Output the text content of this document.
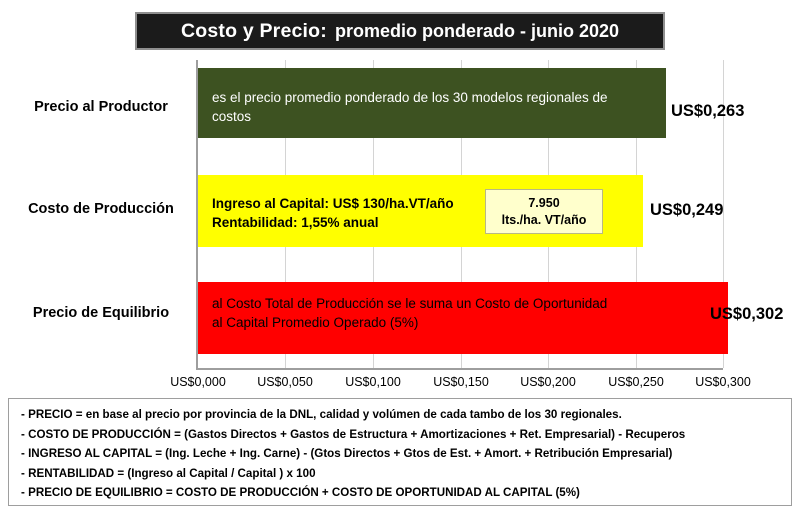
Costo y Precio: promedio ponderado - junio 2020
Precio al Productor
Costo de Producción
Precio de Equilibrio
es el precio promedio ponderado de los 30 modelos regionales de
costos	US$0,263
Ingreso al Capital: US$ 130/ha.VT/año
Rentabilidad: 1,55% anual
7.950
lts./ha. VT/año
US$0,249
al Costo Total de Producción se le suma un Costo de Oportunidad
al Capital Promedio Operado (5%)	US$0,302
US$0,000	US$0,050	US$0,100	US$0,150	US$0,200	US$0,250	US$0,300
- PRECIO = en base al precio por provincia de la DNL, calidad y volúmen de cada tambo de los 30 regionales.
- COSTO DE PRODUCCIÓN = (Gastos Directos + Gastos de Estructura + Amortizaciones + Ret. Empresarial) - Recuperos
- INGRESO AL CAPITAL = (Ing. Leche + Ing. Carne) - (Gtos Directos + Gtos de Est. + Amort. + Retribución Empresarial)
- RENTABILIDAD = (Ingreso al Capital / Capital ) x 100
- PRECIO DE EQUILIBRIO = COSTO DE PRODUCCIÓN + COSTO DE OPORTUNIDAD AL CAPITAL (5%)
